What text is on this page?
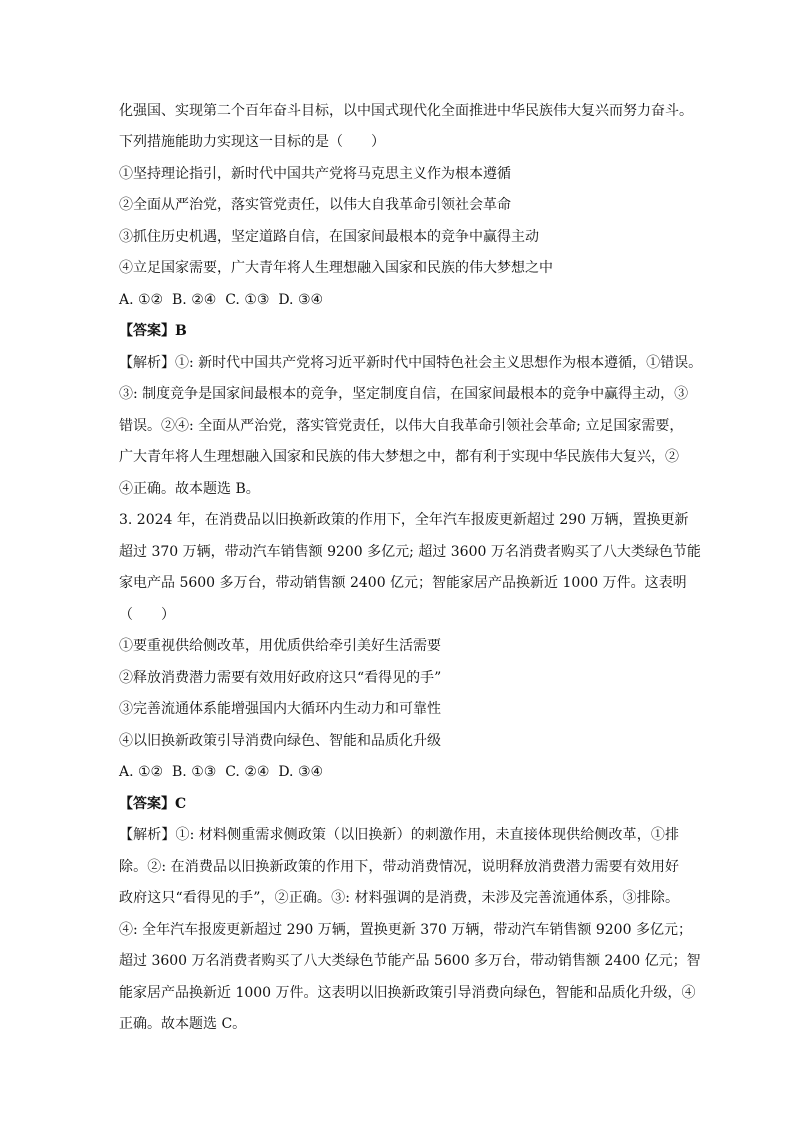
化强国、实现第二个百年奋斗目标，以中国式现代化全面推进中华民族伟大复兴而努力奋斗。
下列措施能助力实现这一目标的是（　　）
①坚持理论指引，新时代中国共产党将马克思主义作为根本遵循
②全面从严治党，落实管党责任，以伟大自我革命引领社会革命
③抓住历史机遇，坚定道路自信，在国家间最根本的竞争中赢得主动
④立足国家需要，广大青年将人生理想融入国家和民族的伟大梦想之中
A. ①②  B. ②④  C. ①③  D. ③④
【答案】B
【解析】①: 新时代中国共产党将习近平新时代中国特色社会主义思想作为根本遵循，①错误。
③: 制度竞争是国家间最根本的竞争，坚定制度自信，在国家间最根本的竞争中赢得主动，③
错误。②④: 全面从严治党，落实管党责任，以伟大自我革命引领社会革命; 立足国家需要，
广大青年将人生理想融入国家和民族的伟大梦想之中，都有利于实现中华民族伟大复兴，②
④正确。故本题选 B。
3. 2024 年，在消费品以旧换新政策的作用下，全年汽车报废更新超过 290 万辆，置换更新
超过 370 万辆，带动汽车销售额 9200 多亿元; 超过 3600 万名消费者购买了八大类绿色节能
家电产品 5600 多万台，带动销售额 2400 亿元；智能家居产品换新近 1000 万件。这表明
（　　）
①要重视供给侧改革，用优质供给牵引美好生活需要
②释放消费潜力需要有效用好政府这只“看得见的手”
③完善流通体系能增强国内大循环内生动力和可靠性
④以旧换新政策引导消费向绿色、智能和品质化升级
A. ①②  B. ①③  C. ②④  D. ③④
【答案】C
【解析】①: 材料侧重需求侧政策（以旧换新）的刺激作用，未直接体现供给侧改革，①排
除。②: 在消费品以旧换新政策的作用下，带动消费情况，说明释放消费潜力需要有效用好
政府这只“看得见的手”，②正确。③: 材料强调的是消费，未涉及完善流通体系，③排除。
④: 全年汽车报废更新超过 290 万辆，置换更新 370 万辆，带动汽车销售额 9200 多亿元；
超过 3600 万名消费者购买了八大类绿色节能产品 5600 多万台，带动销售额 2400 亿元；智
能家居产品换新近 1000 万件。这表明以旧换新政策引导消费向绿色，智能和品质化升级，④
正确。故本题选 C。
